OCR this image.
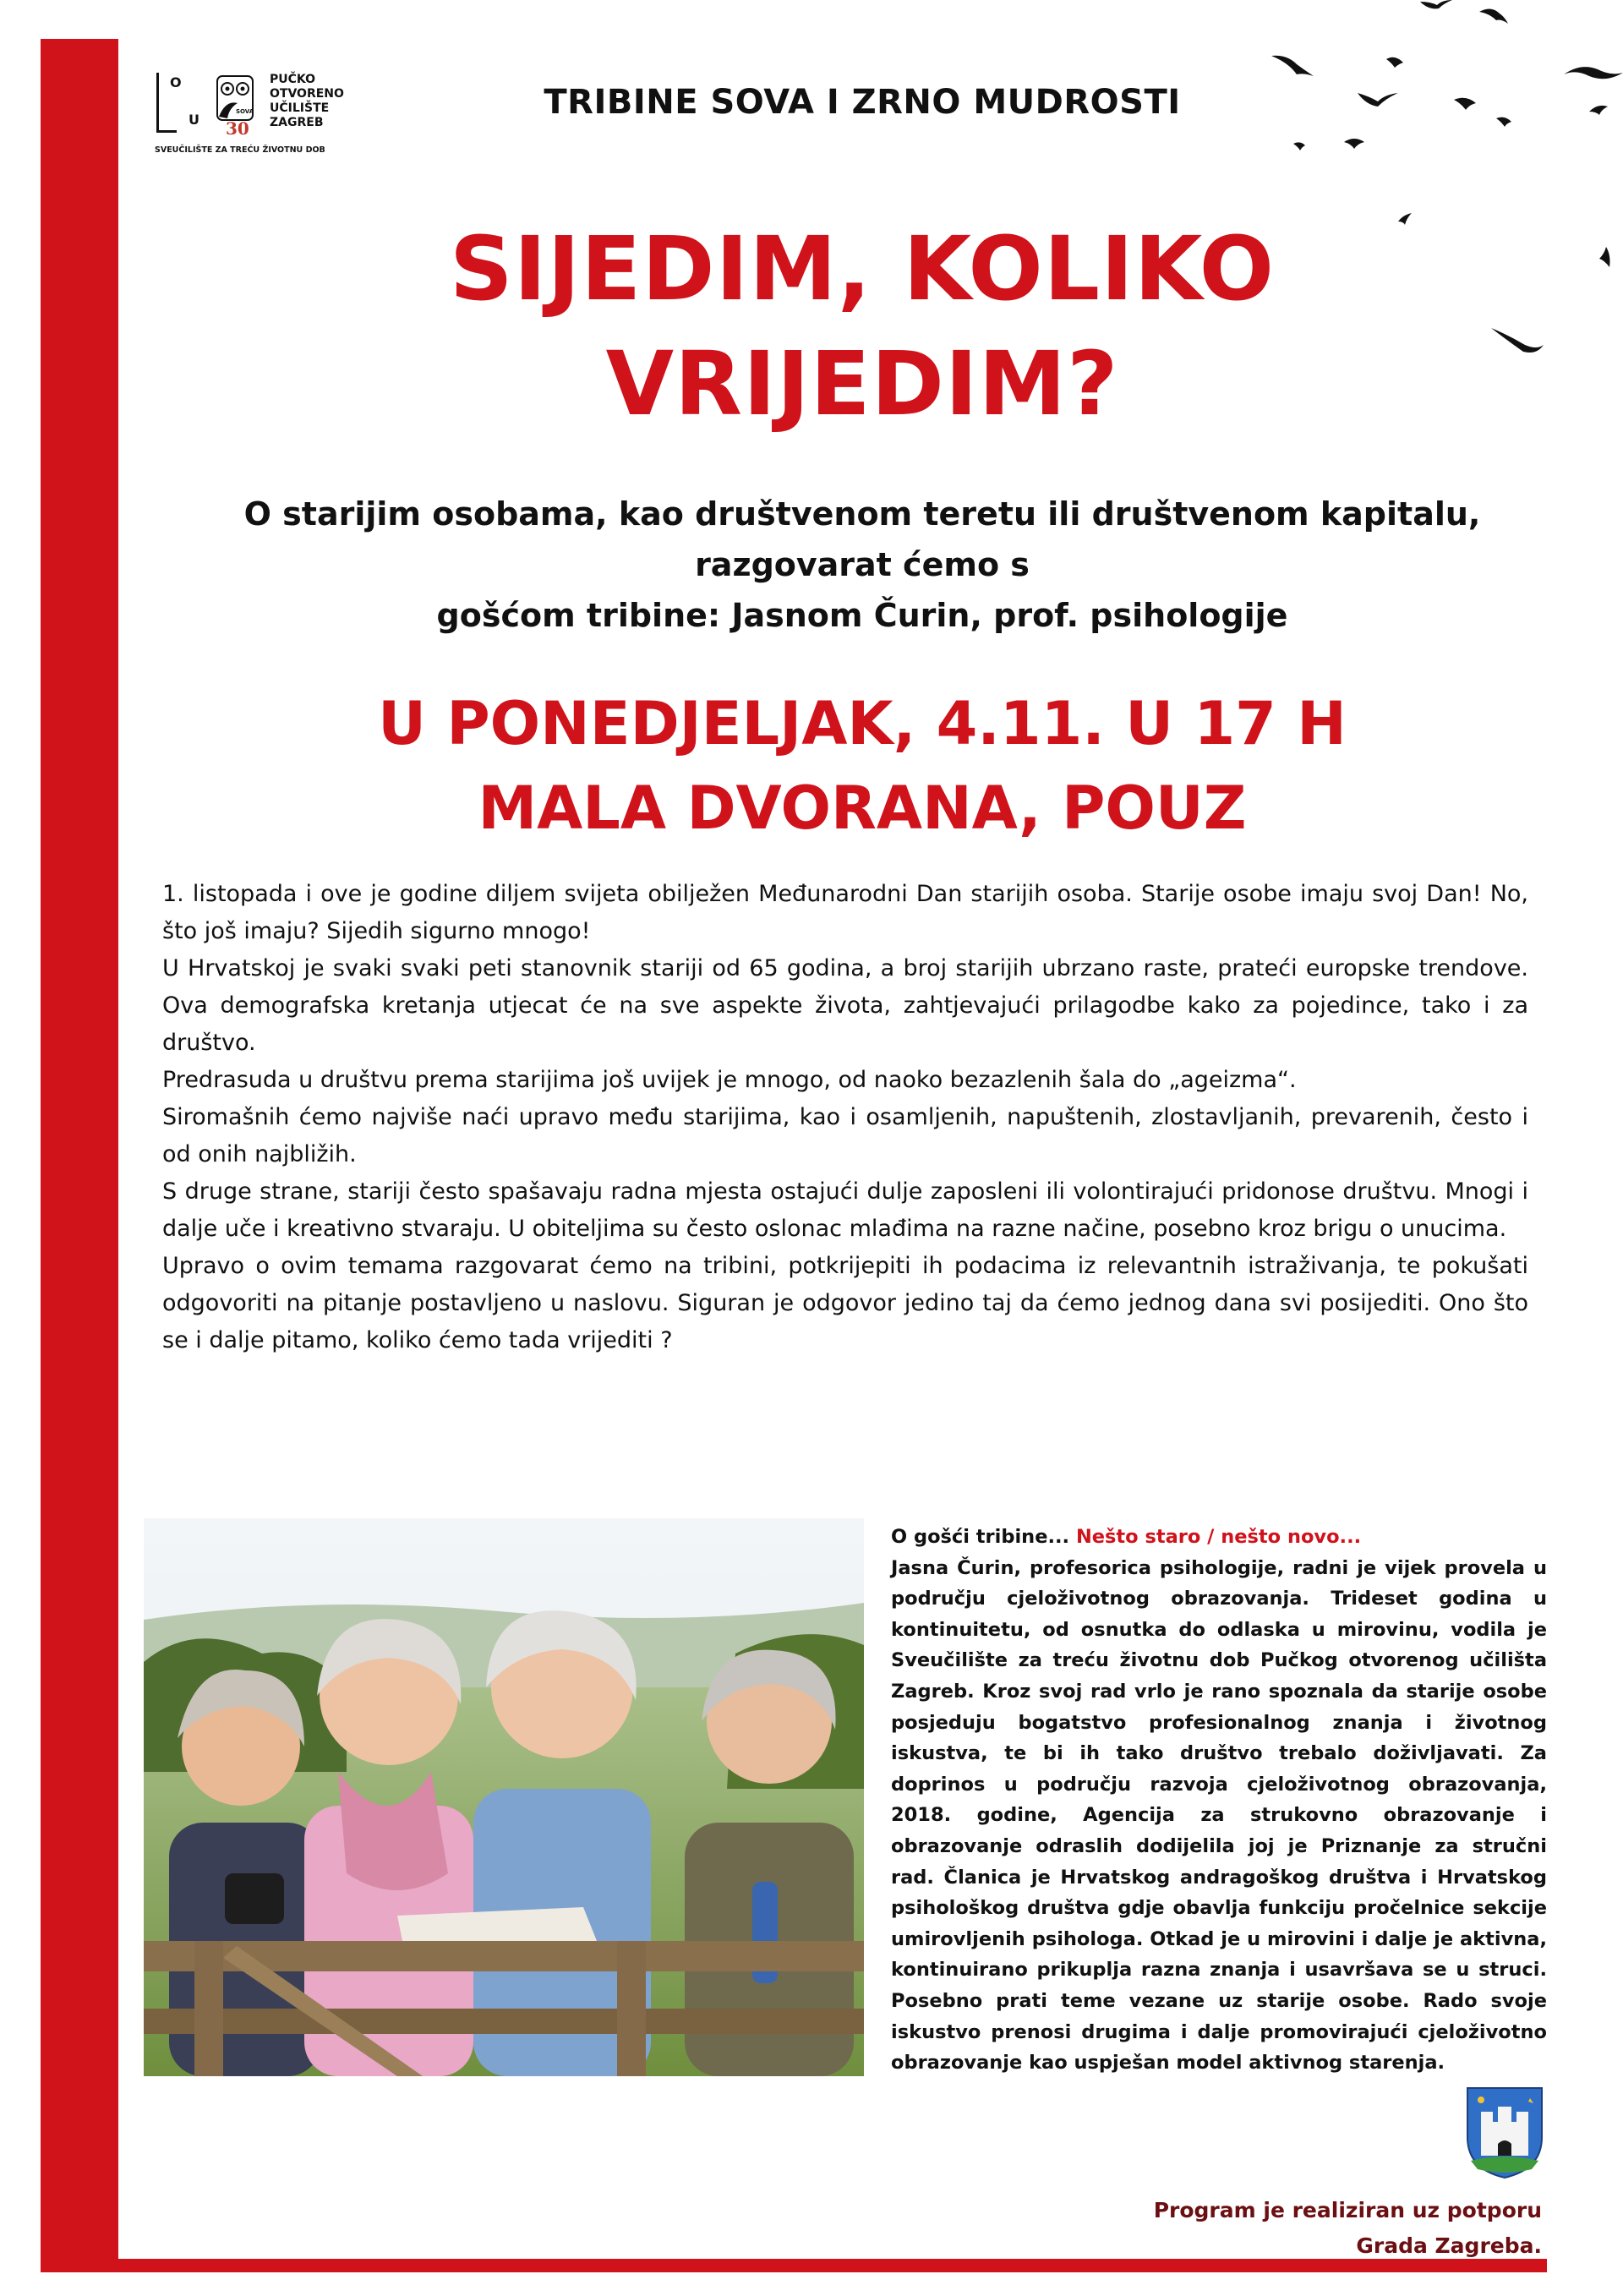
O
U	SOVA
30
PUČKO
OTVORENO
UČILIŠTE
ZAGREB
SVEUČILIŠTE ZA TREĆU ŽIVOTNU DOB
TRIBINE SOVA I ZRNO MUDROSTI
SIJEDIM, KOLIKO
VRIJEDIM?
O starijim osobama, kao društvenom teretu ili društvenom kapitalu,
razgovarat ćemo s
gošćom tribine: Jasnom Čurin, prof. psihologije
U PONEDJELJAK, 4.11. U 17 H
MALA DVORANA, POUZ

1. listopada i ove je godine diljem svijeta obilježen Međunarodni Dan starijih osoba. Starije osobe imaju svoj Dan! No, što još imaju? Sijedih sigurno mnogo!

U Hrvatskoj je svaki svaki peti stanovnik stariji od 65 godina, a broj starijih ubrzano raste, prateći europske trendove. Ova demografska kretanja utjecat će na sve aspekte života, zahtjevajući prilagodbe kako za pojedince, tako i za društvo.

Predrasuda u društvu prema starijima još uvijek je mnogo, od naoko bezazlenih šala do „ageizma“.

Siromašnih ćemo najviše naći upravo među starijima, kao i osamljenih, napuštenih, zlostavljanih, prevarenih, često i od onih najbližih.

S druge strane, stariji često spašavaju radna mjesta ostajući dulje zaposleni ili volontirajući pridonose društvu. Mnogi i dalje uče i kreativno stvaraju. U obiteljima su često oslonac mlađima na razne načine, posebno kroz brigu o unucima.

Upravo o ovim temama razgovarat ćemo na tribini, potkrijepiti ih podacima iz relevantnih istraživanja, te pokušati odgovoriti na pitanje postavljeno u naslovu. Siguran je odgovor jedino taj da ćemo jednog dana svi posijediti. Ono što se i dalje pitamo, koliko ćemo tada vrijediti ?

O gošći tribine... Nešto staro / nešto novo...
Jasna Čurin, profesorica psihologije, radni je vijek provela u području cjeloživotnog obrazovanja. Trideset godina u kontinuitetu, od osnutka do odlaska u mirovinu, vodila je Sveučilište za treću životnu dob Pučkog otvorenog učilišta Zagreb. Kroz svoj rad vrlo je rano spoznala da starije osobe posjeduju bogatstvo profesionalnog znanja i životnog iskustva, te bi ih tako društvo trebalo doživljavati. Za doprinos u području razvoja cjeloživotnog obrazovanja, 2018. godine, Agencija za strukovno obrazovanje i obrazovanje odraslih dodijelila joj je Priznanje za stručni rad. Članica je Hrvatskog andragoškog društva i Hrvatskog psihološkog društva gdje obavlja funkciju pročelnice sekcije umirovljenih psihologa. Otkad je u mirovini i dalje je aktivna, kontinuirano prikuplja razna znanja i usavršava se u struci. Posebno prati teme vezane uz starije osobe. Rado svoje iskustvo prenosi drugima i dalje promovirajući cjeloživotno obrazovanje kao uspješan model aktivnog starenja.
Program je realiziran uz potporu
Grada Zagreba.
